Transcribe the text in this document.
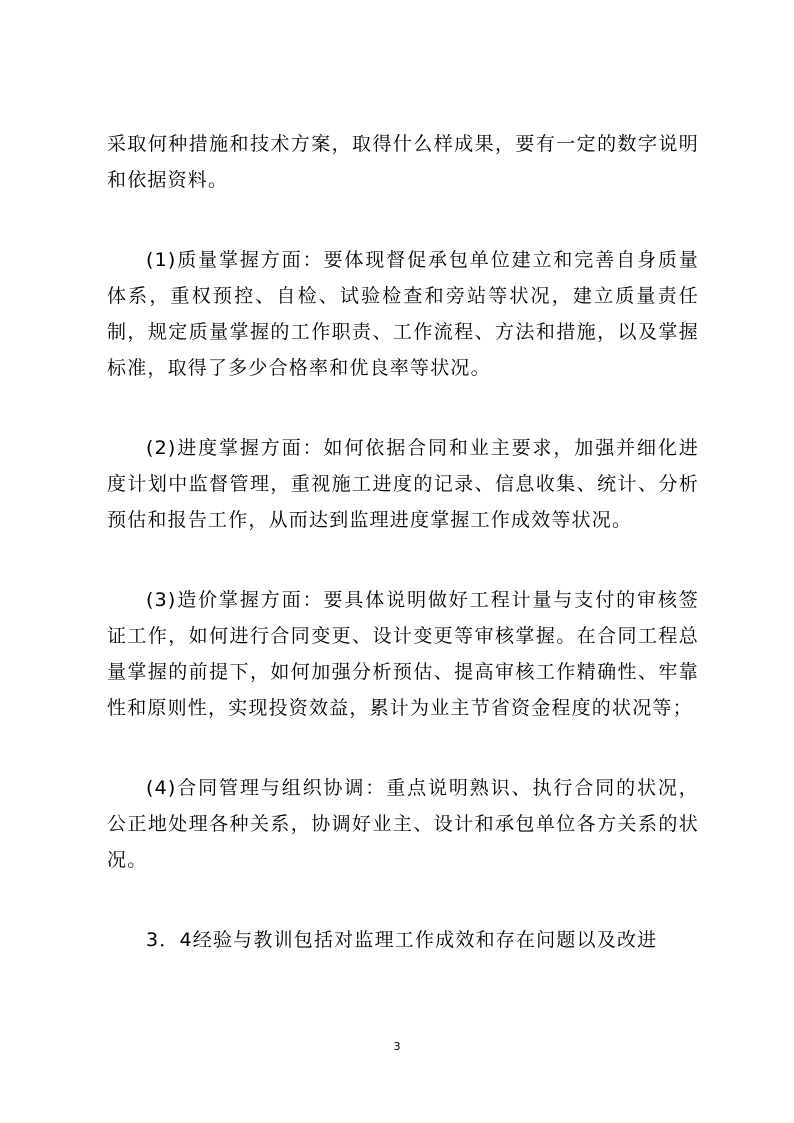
采取何种措施和技术方案，取得什么样成果，要有一定的数字说明和依据资料。

(1)质量掌握方面：要体现督促承包单位建立和完善自身质量体系，重权预控、自检、试验检查和旁站等状况，建立质量责任制，规定质量掌握的工作职责、工作流程、方法和措施，以及掌握标准，取得了多少合格率和优良率等状况。

(2)进度掌握方面：如何依据合同和业主要求，加强并细化进度计划中监督管理，重视施工进度的记录、信息收集、统计、分析预估和报告工作，从而达到监理进度掌握工作成效等状况。

(3)造价掌握方面：要具体说明做好工程计量与支付的审核签证工作，如何进行合同变更、设计变更等审核掌握。在合同工程总量掌握的前提下，如何加强分析预估、提高审核工作精确性、牢靠性和原则性，实现投资效益，累计为业主节省资金程度的状况等；

(4)合同管理与组织协调：重点说明熟识、执行合同的状况，公正地处理各种关系，协调好业主、设计和承包单位各方关系的状况。

3．4经验与教训包括对监理工作成效和存在问题以及改进

3
